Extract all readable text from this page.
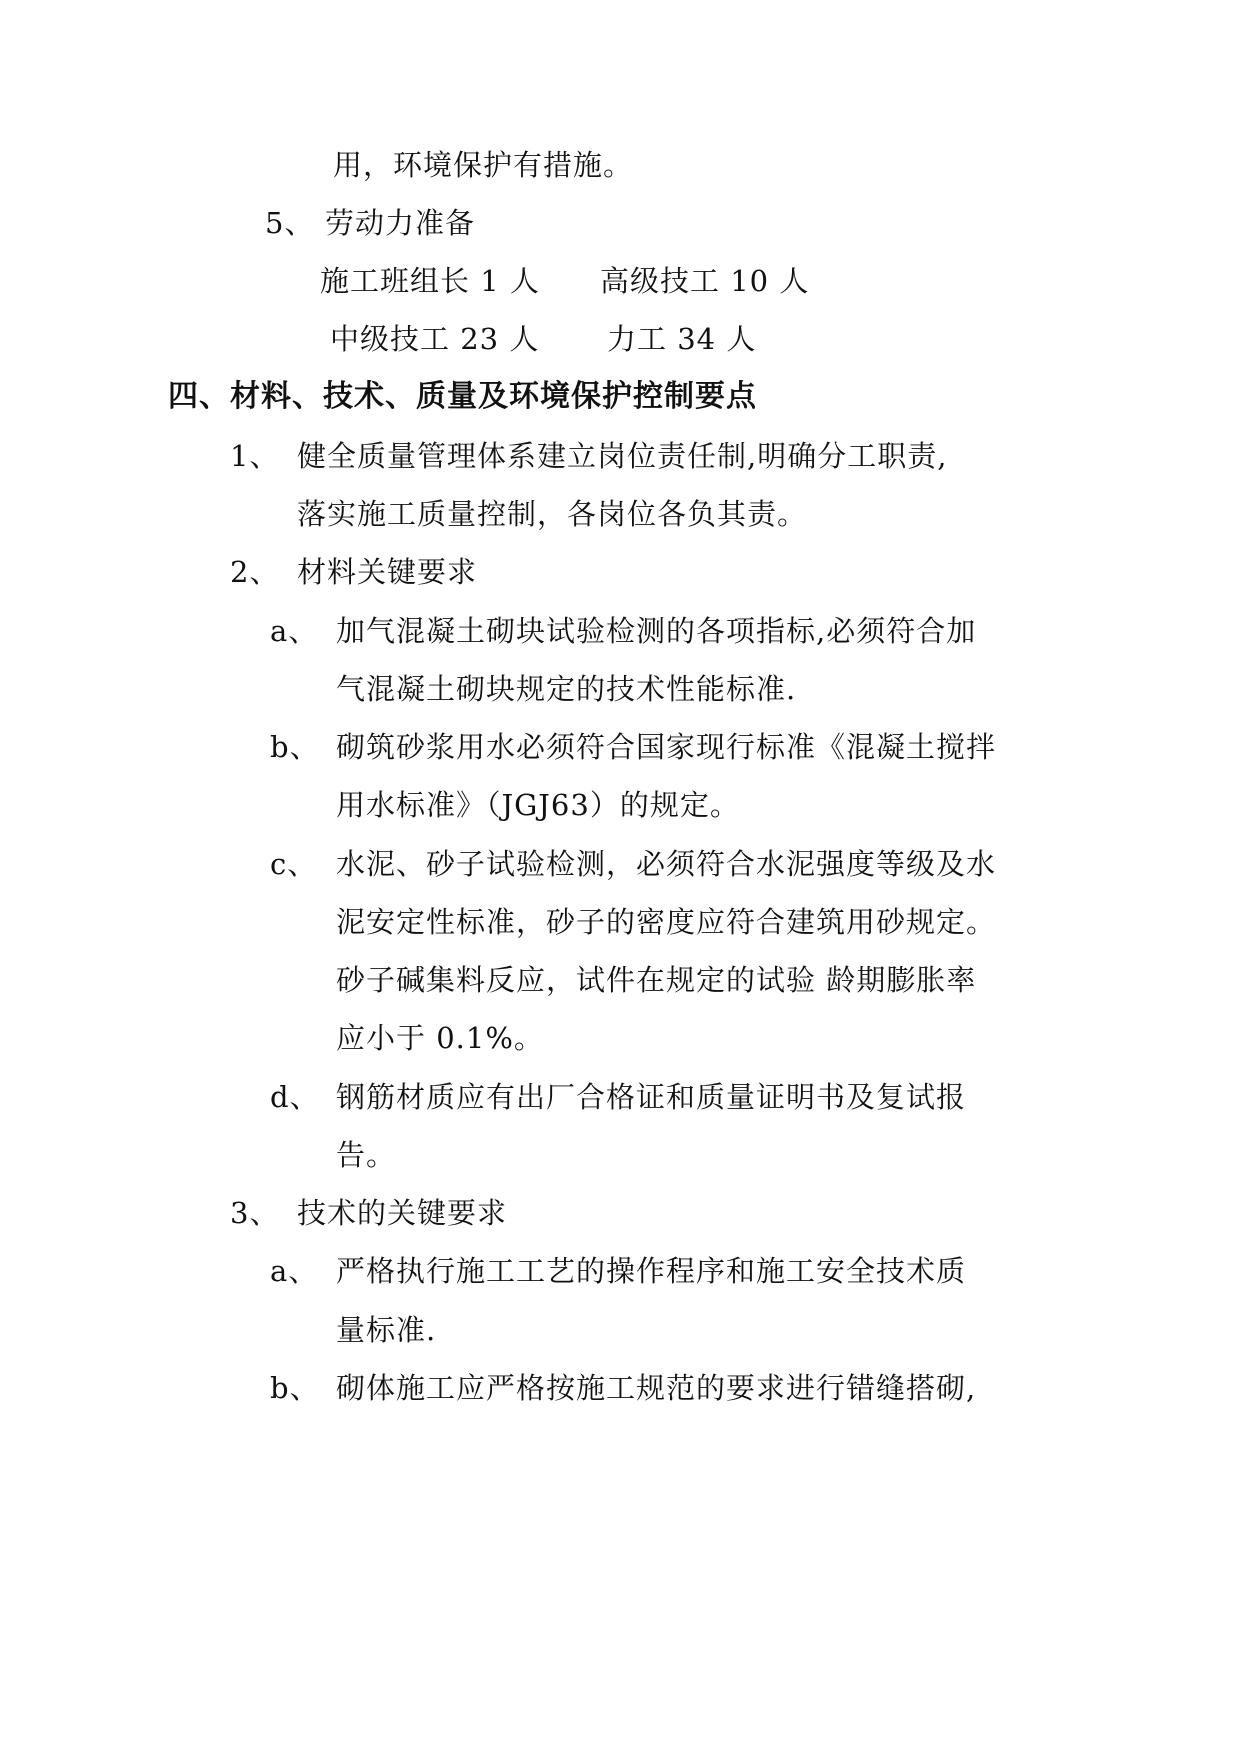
用，环境保护有措施。
5、 劳动力准备
施工班组长 1 人 高级技工 10 人
中级技工 23 人 力工 34 人
四、材料、技术、质量及环境保护控制要点
1、 健全质量管理体系建立岗位责任制,明确分工职责,
落实施工质量控制，各岗位各负其责。
2、 材料关键要求
a、 加气混凝土砌块试验检测的各项指标,必须符合加
气混凝土砌块规定的技术性能标准.
b、 砌筑砂浆用水必须符合国家现行标准《混凝土搅拌
用水标准》（JGJ63）的规定。
c、 水泥、砂子试验检测，必须符合水泥强度等级及水
泥安定性标准，砂子的密度应符合建筑用砂规定。
砂子碱集料反应，试件在规定的试验 龄期膨胀率
应小于 0.1%。
d、 钢筋材质应有出厂合格证和质量证明书及复试报
告。
3、 技术的关键要求
a、 严格执行施工工艺的操作程序和施工安全技术质
量标准.
b、 砌体施工应严格按施工规范的要求进行错缝搭砌,
